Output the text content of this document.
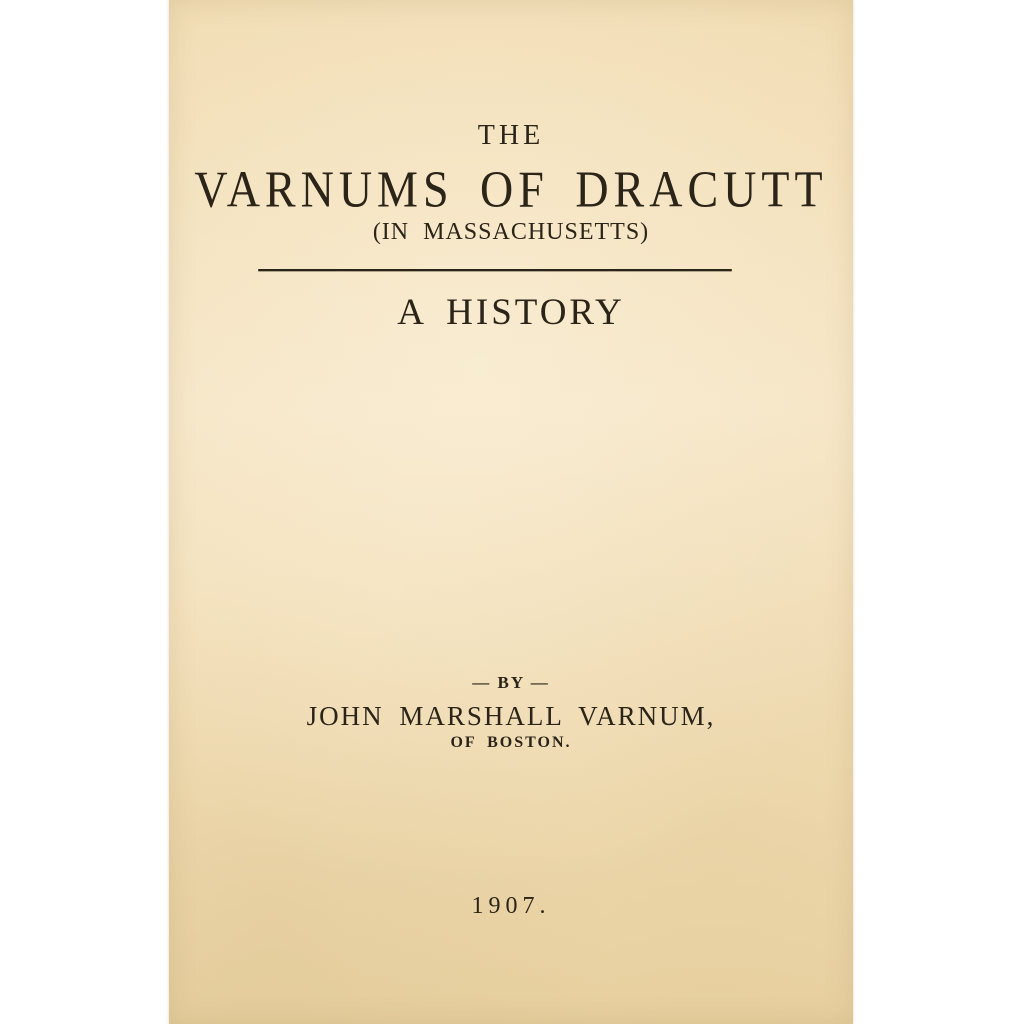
THE
VARNUMS OF DRACUTT
(IN MASSACHUSETTS)
A HISTORY
— BY —
JOHN MARSHALL VARNUM,
OF BOSTON.
1907.
